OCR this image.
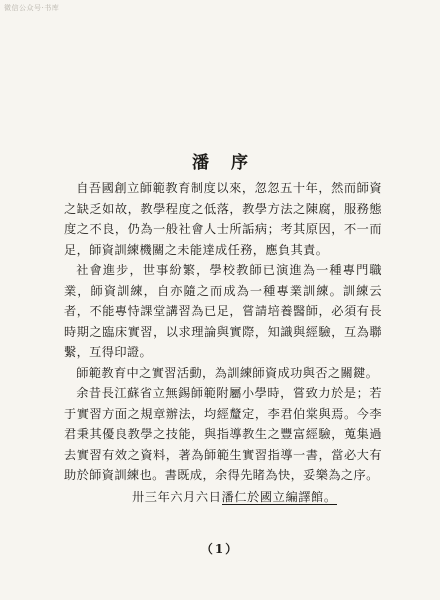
微信公众号·书库
潘序

自吾國創立師範教育制度以來，忽忽五十年，然而師資之缺乏如故，教學程度之低落，教學方法之陳腐，服務態度之不良，仍為一般社會人士所詬病；考其原因，不一而足，師資訓練機關之未能達成任務，應負其責。

社會進步，世事紛繁，學校教師已演進為一種專門職業，師資訓練，自亦隨之而成為一種專業訓練。訓練云者，不能專恃課堂講習為已足，嘗請培養醫師，必須有長時期之臨床實習，以求理論與實際，知識與經驗，互為聯繫，互得印證。

師範教育中之實習活動，為訓練師資成功與否之關鍵。

余昔長江蘇省立無錫師範附屬小學時，嘗致力於是；若于實習方面之規章辦法，均經釐定，李君伯棠與焉。今李君秉其優良教學之技能，與指導教生之豐富經驗，蒐集過去實習有效之資料，著為師範生實習指導一書，當必大有助於師資訓練也。書既成，余得先睹為快，妥樂為之序。

卅三年六月六日潘仁於國立編譯館。
（1）
